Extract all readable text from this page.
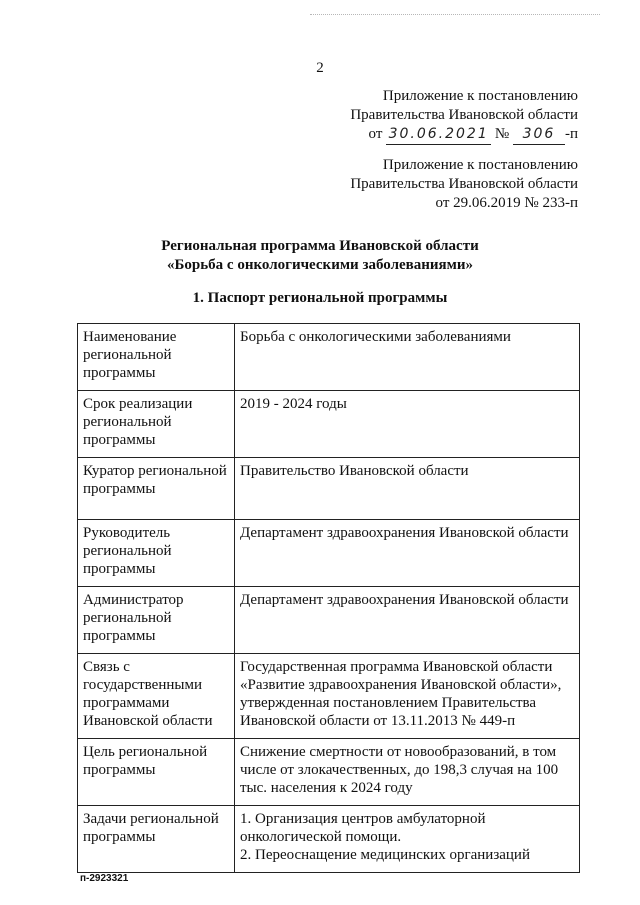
2
Приложение к постановлению
Правительства Ивановской области
от 30.06.2021 № 306 -п
Приложение к постановлению
Правительства Ивановской области
от 29.06.2019 № 233-п
Региональная программа Ивановской области
«Борьба с онкологическими заболеваниями»
1. Паспорт региональной программы
Наименование региональной программы	Борьба с онкологическими заболеваниями
Срок реализации региональной программы	2019 - 2024 годы
Куратор региональной программы	Правительство Ивановской области
Руководитель региональной программы	Департамент здравоохранения Ивановской области
Администратор региональной программы	Департамент здравоохранения Ивановской области
Связь с государственными программами Ивановской области	Государственная программа Ивановской области «Развитие здравоохранения Ивановской области», утвержденная постановлением Правительства Ивановской области от 13.11.2013 № 449-п
Цель региональной программы	Снижение смертности от новообразований, в том числе от злокачественных, до 198,3 случая на 100 тыс. населения к 2024 году
Задачи региональной программы	1. Организация центров амбулаторной онкологической помощи.
2. Переоснащение медицинских организаций
п-2923321
